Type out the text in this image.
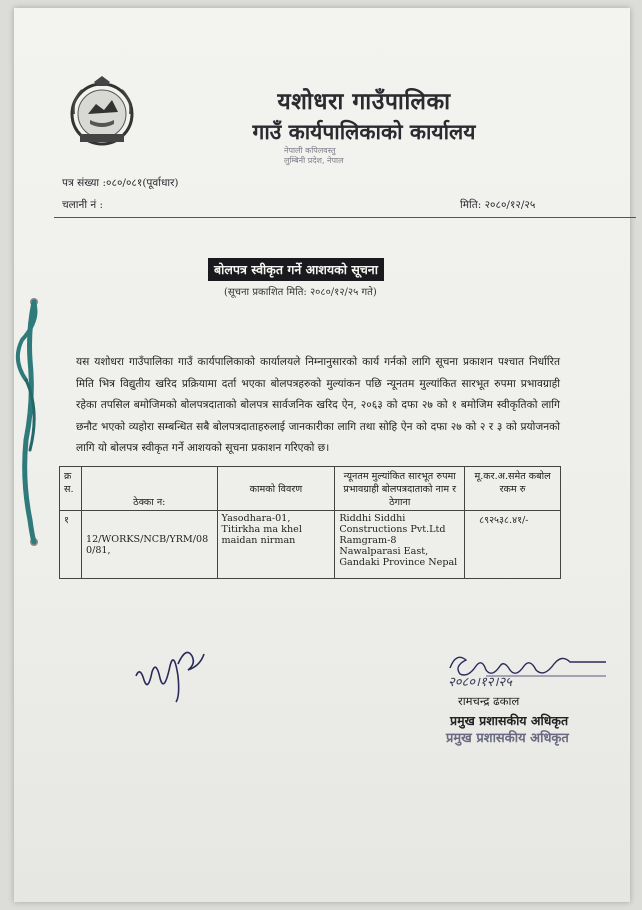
यशोधरा गाउँपालिका
गाउँ कार्यपालिकाको कार्यालय
नेपाली कपिलवस्तु
लुम्बिनी प्रदेश, नेपाल
पत्र संख्या :०८०/०८१(पूर्वाधार)
चलानी नं :	मिति: २०८०/१२/२५
बोलपत्र स्वीकृत गर्ने आशयको सूचना
(सूचना प्रकाशित मिति: २०८०/१२/२५ गते)
यस यशोधरा गाउँपालिका गाउँ कार्यपालिकाको कार्यालयले निम्नानुसारको कार्य गर्नको लागि सूचना प्रकाशन पश्चात निर्धारित मिति भित्र विद्युतीय खरिद प्रक्रियामा दर्ता भएका बोलपत्रहरुको मुल्यांकन पछि न्यूनतम मुल्यांकित सारभूत रुपमा प्रभावग्राही रहेका तपसिल बमोजिमको बोलपत्रदाताको बोलपत्र सार्वजनिक खरिद ऐन, २०६३ को दफा २७ को १ बमोजिम स्वीकृतिको लागि छनौट भएको व्यहोरा सम्बन्धित सबै बोलपत्रदाताहरुलाई जानकारीका लागि तथा सोहि ऐन को दफा २७ को २ र ३ को प्रयोजनको लागि यो बोलपत्र स्वीकृत गर्ने आशयको सूचना प्रकाशन गरिएको छ।
क्र स.	ठेक्का न:	कामको विवरण	न्यूनतम मुल्यांकित सारभूत रुपमा प्रभावग्राही बोलपत्रदाताको नाम र ठेगाना	मू.कर.अ.समेत कबोल रकम रु
१	12/WORKS/NCB/YRM/080/81,	Yasodhara-01, Titirkha ma khel maidan nirman	Riddhi Siddhi Constructions Pvt.Ltd Ramgram-8 Nawalparasi East, Gandaki Province Nepal	८९२५३८.४१/-
२०८०।१२।२५
रामचन्द्र ढकाल
प्रमुख प्रशासकीय अधिकृत
प्रमुख प्रशासकीय अधिकृत
